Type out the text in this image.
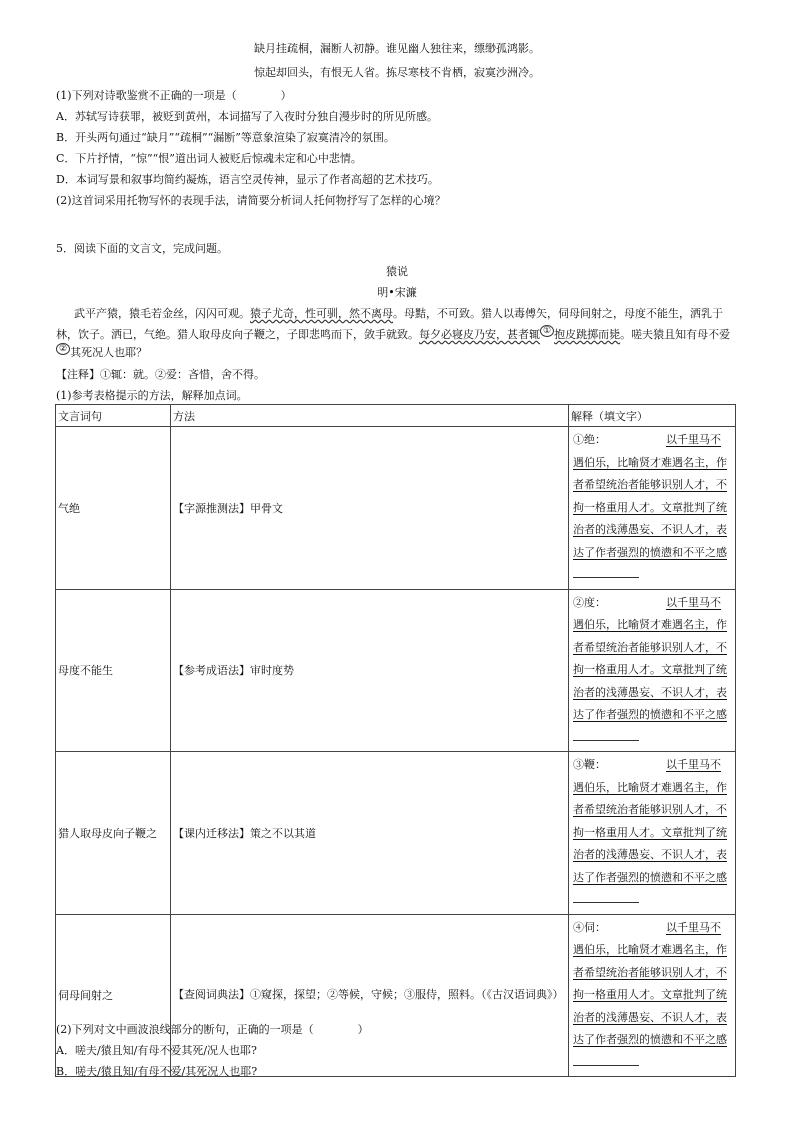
缺月挂疏桐，漏断人初静。谁见幽人独往来，缥缈孤鸿影。
惊起却回头，有恨无人省。拣尽寒枝不肯栖，寂寞沙洲冷。
(1)下列对诗歌鉴赏不正确的一项是（　　　　）
A．苏轼写诗获罪，被贬到黄州，本词描写了入夜时分独自漫步时的所见所感。
B．开头两句通过“缺月”“疏桐”“漏断”等意象渲染了寂寞清冷的氛围。
C．下片抒情，“惊”“恨”道出词人被贬后惊魂未定和心中悲情。
D．本词写景和叙事均简约凝炼，语言空灵传神，显示了作者高超的艺术技巧。
(2)这首词采用托物写怀的表现手法，请简要分析词人托何物抒写了怎样的心境？
5．阅读下面的文言文，完成问题。
猿说
明•宋濂
武平产猿，猿毛若金丝，闪闪可观。猿子尤奇，性可驯，然不离母。母黠，不可致。猎人以毒傅矢，伺母间射之，母度不能生，洒乳于
林，饮子。洒已，气绝。猎人取母皮向子鞭之，子即悲鸣而下，敛手就致。每夕必寝皮乃安，甚者辄 ① 抱皮跳掷而毙。嗟夫猿且知有母不爱
② 其死况人也耶？
【注释】①辄：就。②爱：吝惜，舍不得。
(1)参考表格提示的方法，解释加点词。
文言词句	方法	解释（填文字）
气绝	【字源推测法】甲骨文	①绝： 以千里马不遇伯乐，比喻贤才难遇名主，作者希望统治者能够识别人才，不拘一格重用人才。文章批判了统治者的浅薄愚妄、不识人才，表达了作者强烈的愤懑和不平之感
母度不能生	【参考成语法】审时度势	②度： 以千里马不遇伯乐，比喻贤才难遇名主，作者希望统治者能够识别人才，不拘一格重用人才。文章批判了统治者的浅薄愚妄、不识人才，表达了作者强烈的愤懑和不平之感
猎人取母皮向子鞭之	【课内迁移法】策之不以其道	③鞭： 以千里马不遇伯乐，比喻贤才难遇名主，作者希望统治者能够识别人才，不拘一格重用人才。文章批判了统治者的浅薄愚妄、不识人才，表达了作者强烈的愤懑和不平之感
伺母间射之	【查阅词典法】①窥探，探望；②等候，守候；③服侍，照料。（《古汉语词典》）	④伺： 以千里马不遇伯乐，比喻贤才难遇名主，作者希望统治者能够识别人才，不拘一格重用人才。文章批判了统治者的浅薄愚妄、不识人才，表达了作者强烈的愤懑和不平之感
(2)下列对文中画波浪线部分的断句，正确的一项是（　　　　）
A．嗟夫/猿且知/有母不爱其死/况人也耶?
B．嗟夫/猿且知/有母不爱/其死况人也耶?
